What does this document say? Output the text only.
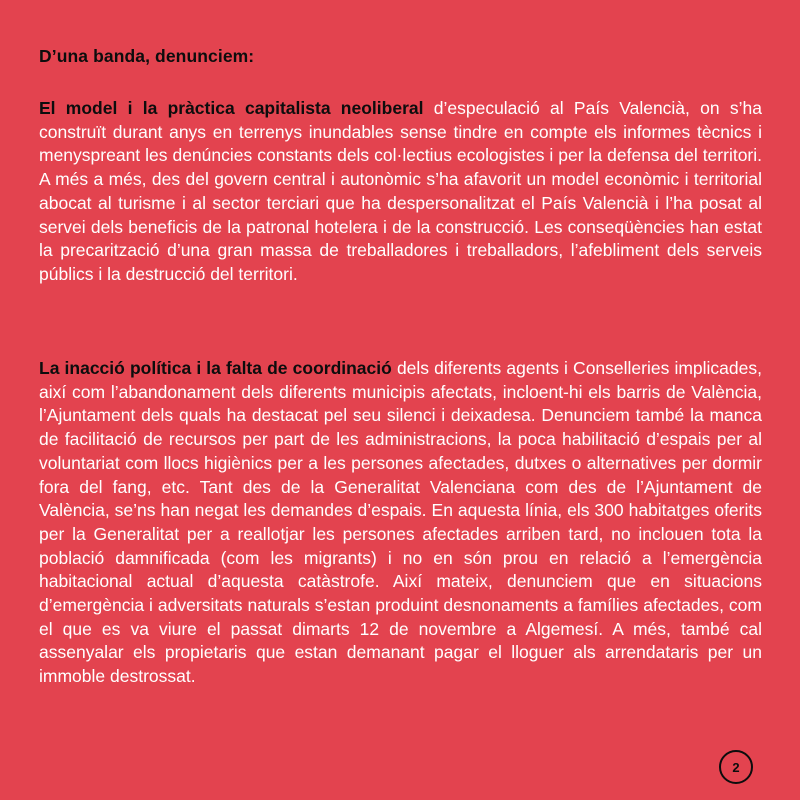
D’una banda, denunciem:

El model i la pràctica capitalista neoliberal d’especulació al País Valencià, on s’ha construït durant anys en terrenys inundables sense tindre en compte els informes tècnics i menyspreant les denúncies constants dels col·lectius ecologistes i per la defensa del territori. A més a més, des del govern central i autonòmic s’ha afavorit un model econòmic i territorial abocat al turisme i al sector terciari que ha despersonalitzat el País Valencià i l’ha posat al servei dels beneficis de la patronal hotelera i de la construcció. Les conseqüències han estat la precarització d’una gran massa de treballadores i treballadors, l’afebliment dels serveis públics i la destrucció del territori.

La inacció política i la falta de coordinació dels diferents agents i Conselleries implicades, així com l’abandonament dels diferents municipis afectats, incloent-hi els barris de València, l’Ajuntament dels quals ha destacat pel seu silenci i deixadesa. Denunciem també la manca de facilitació de recursos per part de les administracions, la poca habilitació d’espais per al voluntariat com llocs higiènics per a les persones afectades, dutxes o alternatives per dormir fora del fang, etc. Tant des de la Generalitat Valenciana com des de l’Ajuntament de València, se’ns han negat les demandes d’espais. En aquesta línia, els 300 habitatges oferits per la Generalitat per a reallotjar les persones afectades arriben tard, no inclouen tota la població damnificada (com les migrants) i no en són prou en relació a l’emergència habitacional actual d’aquesta catàstrofe. Així mateix, denunciem que en situacions d’emergència i adversitats naturals s’estan produint desnonaments a famílies afectades, com el que es va viure el passat dimarts 12 de novembre a Algemesí. A més, també cal assenyalar els propietaris que estan demanant pagar el lloguer als arrendataris per un immoble destrossat.

2
